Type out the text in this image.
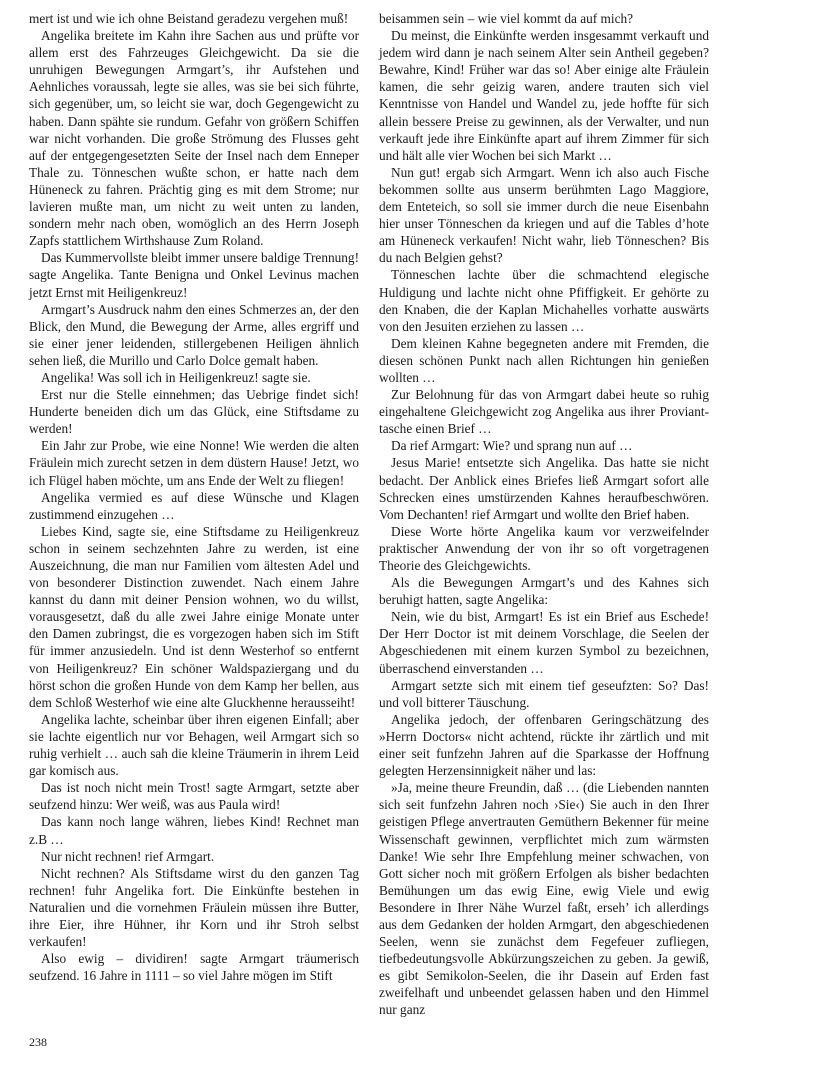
mert ist und wie ich ohne Beistand geradezu vergehen muß!

Angelika breitete im Kahn ihre Sachen aus und prüfte vor allem erst des Fahrzeuges Gleichgewicht. Da sie die unruhigen Bewegungen Armgart’s, ihr Aufstehen und Aehnliches voraussah, legte sie alles, was sie bei sich führte, sich gegenüber, um, so leicht sie war, doch Gegengewicht zu haben. Dann spähte sie rundum. Gefahr von größern Schiffen war nicht vorhanden. Die große Strömung des Flusses geht auf der entgegengesetzten Seite der Insel nach dem Enneper Thale zu. Tönneschen wußte schon, er hatte nach dem Hüneneck zu fahren. Prächtig ging es mit dem Strome; nur lavieren mußte man, um nicht zu weit unten zu landen, sondern mehr nach oben, womöglich an des Herrn Joseph Zapfs stattlichem Wirthshause Zum Roland.

Das Kummervollste bleibt immer unsere baldige Trennung! sagte Angelika. Tante Benigna und Onkel Levinus machen jetzt Ernst mit Heiligenkreuz!

Armgart’s Ausdruck nahm den eines Schmerzes an, der den Blick, den Mund, die Bewegung der Arme, alles ergriff und sie einer jener leidenden, stillergebenen Heiligen ähnlich sehen ließ, die Murillo und Carlo Dolce gemalt haben.

Angelika! Was soll ich in Heiligenkreuz! sagte sie.

Erst nur die Stelle einnehmen; das Uebrige findet sich! Hunderte beneiden dich um das Glück, eine Stiftsdame zu werden!

Ein Jahr zur Probe, wie eine Nonne! Wie werden die alten Fräulein mich zurecht setzen in dem düstern Hause! Jetzt, wo ich Flügel haben möchte, um ans Ende der Welt zu fliegen!

Angelika vermied es auf diese Wünsche und Klagen zustimmend einzugehen …

Liebes Kind, sagte sie, eine Stiftsdame zu Heiligenkreuz schon in seinem sechzehnten Jahre zu werden, ist eine Auszeichnung, die man nur Familien vom ältesten Adel und von besonderer Distinction zuwendet. Nach einem Jahre kannst du dann mit deiner Pension wohnen, wo du willst, vorausgesetzt, daß du alle zwei Jahre einige Monate unter den Damen zubringst, die es vorgezogen haben sich im Stift für immer anzusiedeln. Und ist denn Westerhof so entfernt von Heiligenkreuz? Ein schöner Waldspaziergang und du hörst schon die großen Hunde von dem Kamp her bellen, aus dem Schloß Westerhof wie eine alte Gluckhenne herausseiht!

Angelika lachte, scheinbar über ihren eigenen Einfall; aber sie lachte eigentlich nur vor Behagen, weil Armgart sich so ruhig verhielt … auch sah die kleine Träumerin in ihrem Leid gar komisch aus.

Das ist noch nicht mein Trost! sagte Armgart, setzte aber seufzend hinzu: Wer weiß, was aus Paula wird!

Das kann noch lange währen, liebes Kind! Rechnet man z.B …

Nur nicht rechnen! rief Armgart.

Nicht rechnen? Als Stiftsdame wirst du den ganzen Tag rechnen! fuhr Angelika fort. Die Einkünfte bestehen in Naturalien und die vornehmen Fräulein müssen ihre Butter, ihre Eier, ihre Hühner, ihr Korn und ihr Stroh selbst verkaufen!

Also ewig – dividiren! sagte Armgart träumerisch seufzend. 16 Jahre in 1111 – so viel Jahre mögen im Stift

beisammen sein – wie viel kommt da auf mich?

Du meinst, die Einkünfte werden insgesammt verkauft und jedem wird dann je nach seinem Alter sein Antheil gegeben? Bewahre, Kind! Früher war das so! Aber einige alte Fräulein kamen, die sehr geizig waren, andere trauten sich viel Kenntnisse von Handel und Wandel zu, jede hoffte für sich allein bessere Preise zu gewinnen, als der Verwalter, und nun verkauft jede ihre Einkünfte apart auf ihrem Zimmer für sich und hält alle vier Wochen bei sich Markt …

Nun gut! ergab sich Armgart. Wenn ich also auch Fische bekommen sollte aus unserm berühmten Lago Maggiore, dem Enteteich, so soll sie immer durch die neue Eisenbahn hier unser Tönneschen da kriegen und auf die Tables d’hote am Hüneneck verkaufen! Nicht wahr, lieb Tönneschen? Bis du nach Belgien gehst?

Tönneschen lachte über die schmachtend elegische Huldigung und lachte nicht ohne Pfiffigkeit. Er gehörte zu den Knaben, die der Kaplan Michahelles vorhatte auswärts von den Jesuiten erziehen zu lassen …

Dem kleinen Kahne begegneten andere mit Fremden, die diesen schönen Punkt nach allen Richtungen hin genießen wollten …

Zur Belohnung für das von Armgart dabei heute so ruhig eingehaltene Gleichgewicht zog Angelika aus ihrer Provianttasche einen Brief …

Da rief Armgart: Wie? und sprang nun auf …

Jesus Marie! entsetzte sich Angelika. Das hatte sie nicht bedacht. Der Anblick eines Briefes ließ Armgart sofort alle Schrecken eines umstürzenden Kahnes heraufbeschwören. Vom Dechanten! rief Armgart und wollte den Brief haben.

Diese Worte hörte Angelika kaum vor verzweifelnder praktischer Anwendung der von ihr so oft vorgetragenen Theorie des Gleichgewichts.

Als die Bewegungen Armgart’s und des Kahnes sich beruhigt hatten, sagte Angelika:

Nein, wie du bist, Armgart! Es ist ein Brief aus Eschede! Der Herr Doctor ist mit deinem Vorschlage, die Seelen der Abgeschiedenen mit einem kurzen Symbol zu bezeichnen, überraschend einverstanden …

Armgart setzte sich mit einem tief geseufzten: So? Das! und voll bitterer Täuschung.

Angelika jedoch, der offenbaren Geringschätzung des »Herrn Doctors« nicht achtend, rückte ihr zärtlich und mit einer seit funfzehn Jahren auf die Sparkasse der Hoffnung gelegten Herzensinnigkeit näher und las:

»Ja, meine theure Freundin, daß … (die Liebenden nannten sich seit funfzehn Jahren noch ›Sie‹) Sie auch in den Ihrer geistigen Pflege anvertrauten Gemüthern Bekenner für meine Wissenschaft gewinnen, verpflichtet mich zum wärmsten Danke! Wie sehr Ihre Empfehlung meiner schwachen, von Gott sicher noch mit größern Erfolgen als bisher bedachten Bemühungen um das ewig Eine, ewig Viele und ewig Besondere in Ihrer Nähe Wurzel faßt, erseh’ ich allerdings aus dem Gedanken der holden Armgart, den abgeschiedenen Seelen, wenn sie zunächst dem Fegefeuer zufliegen, tiefbedeutungsvolle Abkürzungszeichen zu geben. Ja gewiß, es gibt Semikolon-Seelen, die ihr Dasein auf Erden fast zweifelhaft und unbeendet gelassen haben und den Himmel nur ganz

238
